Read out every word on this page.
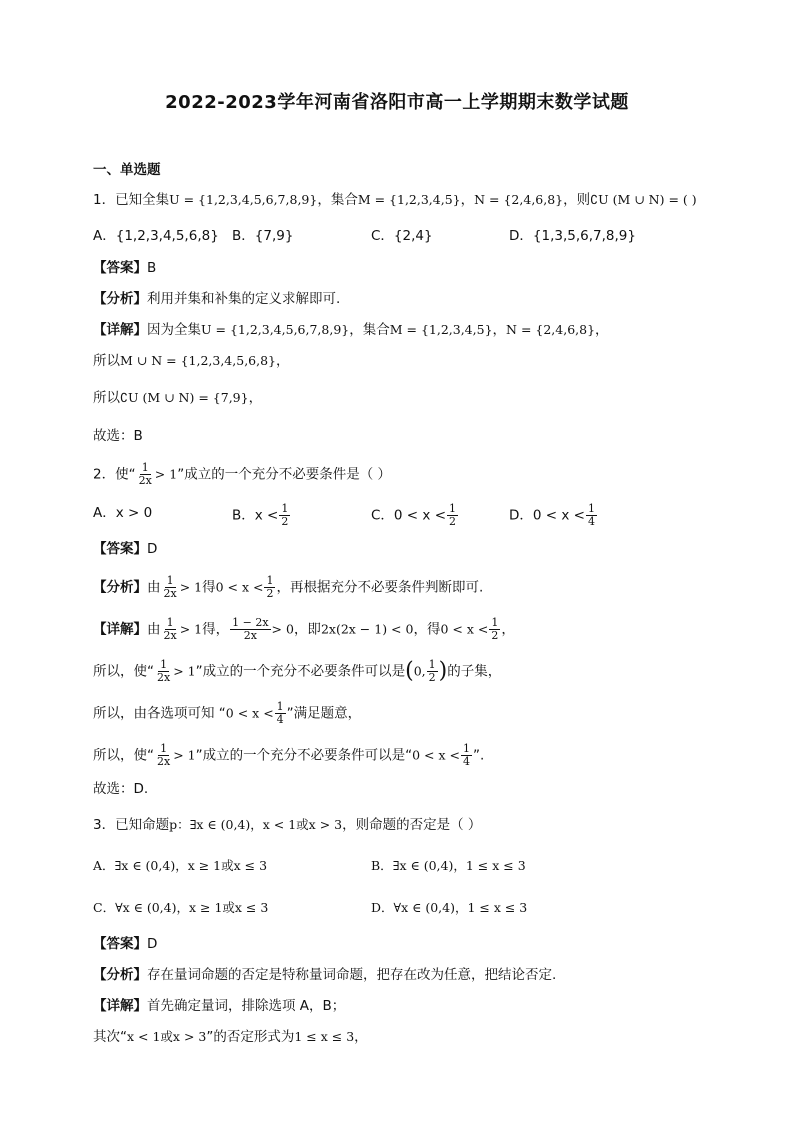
2022-2023学年河南省洛阳市高一上学期期末数学试题
一、单选题
1．已知全集U = {1,2,3,4,5,6,7,8,9}，集合M = {1,2,3,4,5}，N = {2,4,6,8}，则∁U (M ∪ N) = ( )
A．{1,2,3,4,5,6,8} B．{7,9}	C．{2,4}	D．{1,3,5,6,7,8,9}
【答案】B
【分析】利用并集和补集的定义求解即可.
【详解】因为全集U = {1,2,3,4,5,6,7,8,9}，集合M = {1,2,3,4,5}，N = {2,4,6,8}，
所以M ∪ N = {1,2,3,4,5,6,8}，
所以∁U (M ∪ N) = {7,9}，
故选：B
2．使“ $\frac{1}{2x} > 1$”成立的一个充分不必要条件是（ ）
A．x > 0	B．$x < \frac{1}{2}$	C．$0 < x < \frac{1}{2}$	D．$0 < x < \frac{1}{4}$
【答案】D
【分析】由 $\frac{1}{2x} > 1$得$0 < x < \frac{1}{2}$ ，再根据充分不必要条件判断即可.
【详解】由 $\frac{1}{2x} > 1$得， $\frac{1 - 2x}{2x} > 0$，即2x(2x − 1) < 0，得$0 < x < \frac{1}{2}$ ，
所以，使“ $\frac{1}{2x} > 1$”成立的一个充分不必要条件可以是(0, $\frac{1}{2}$ )的子集，
所以，由各选项可知 “$0 < x < \frac{1}{4}$ ”满足题意，
所以，使“ $\frac{1}{2x} > 1$”成立的一个充分不必要条件可以是“$0 < x < \frac{1}{4}$ ”.
故选：D.
3．已知命题p：∃x ∈ (0,4)，x < 1或x > 3，则命题的否定是（ ）
A．∃x ∈ (0,4)，x ≥ 1或x ≤ 3	B．∃x ∈ (0,4)，1 ≤ x ≤ 3
C．∀x ∈ (0,4)，x ≥ 1或x ≤ 3	D．∀x ∈ (0,4)，1 ≤ x ≤ 3
【答案】D
【分析】存在量词命题的否定是特称量词命题，把存在改为任意，把结论否定.
【详解】首先确定量词，排除选项 A，B；
其次“x < 1或x > 3”的否定形式为1 ≤ x ≤ 3，
